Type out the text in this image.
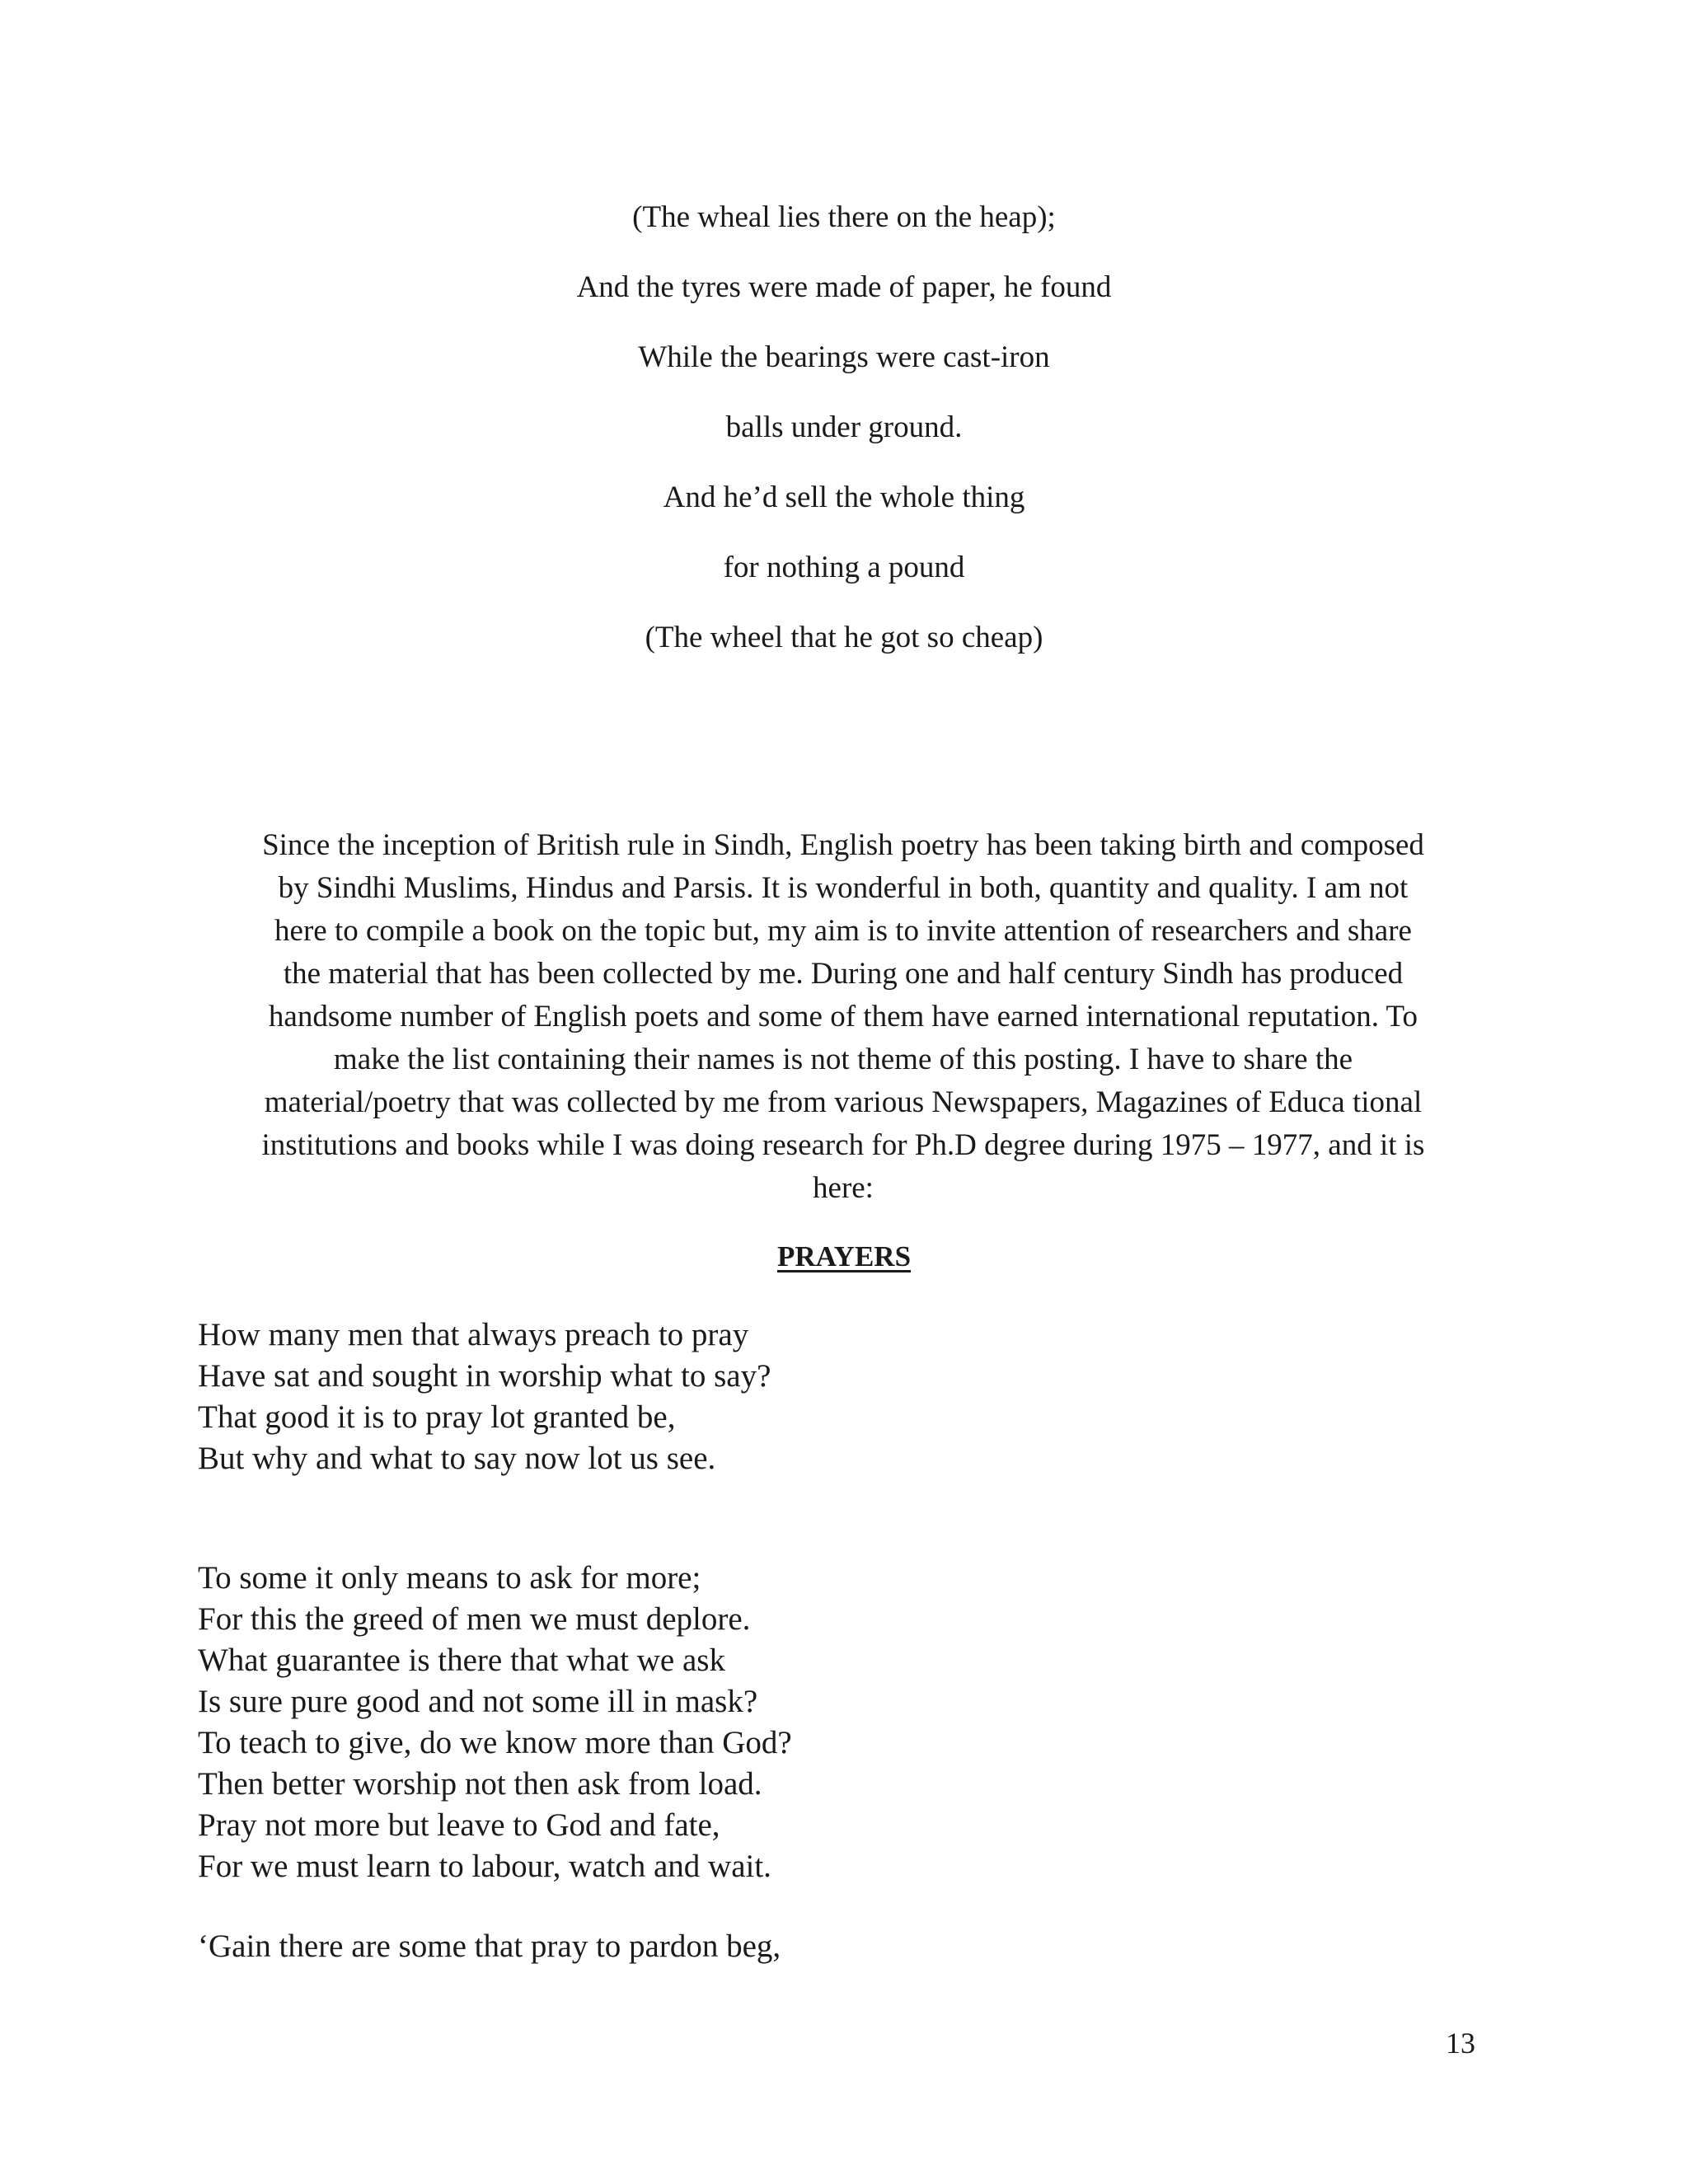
(The wheal lies there on the heap);
And the tyres were made of paper, he found
While the bearings were cast-iron
balls under ground.
And he’d sell the whole thing
for nothing a pound
(The wheel that he got so cheap)
Since the inception of British rule in Sindh, English poetry has been taking birth and composed
by Sindhi Muslims, Hindus and Parsis. It is wonderful in both, quantity and quality. I am not
here to compile a book on the topic but, my aim is to invite attention of researchers and share
the material that has been collected by me. During one and half century Sindh has produced
handsome number of English poets and some of them have earned international reputation. To
make the list containing their names is not theme of this posting. I have to share the
material/poetry that was collected by me from various Newspapers, Magazines of Educa tional
institutions and books while I was doing research for Ph.D degree during 1975 – 1977, and it is
here:
PRAYERS
How many men that always preach to pray
Have sat and sought in worship what to say?
That good it is to pray lot granted be,
But why and what to say now lot us see.
To some it only means to ask for more;
For this the greed of men we must deplore.
What guarantee is there that what we ask
Is sure pure good and not some ill in mask?
To teach to give, do we know more than God?
Then better worship not then ask from load.
Pray not more but leave to God and fate,
For we must learn to labour, watch and wait.
‘Gain there are some that pray to pardon beg,
13
